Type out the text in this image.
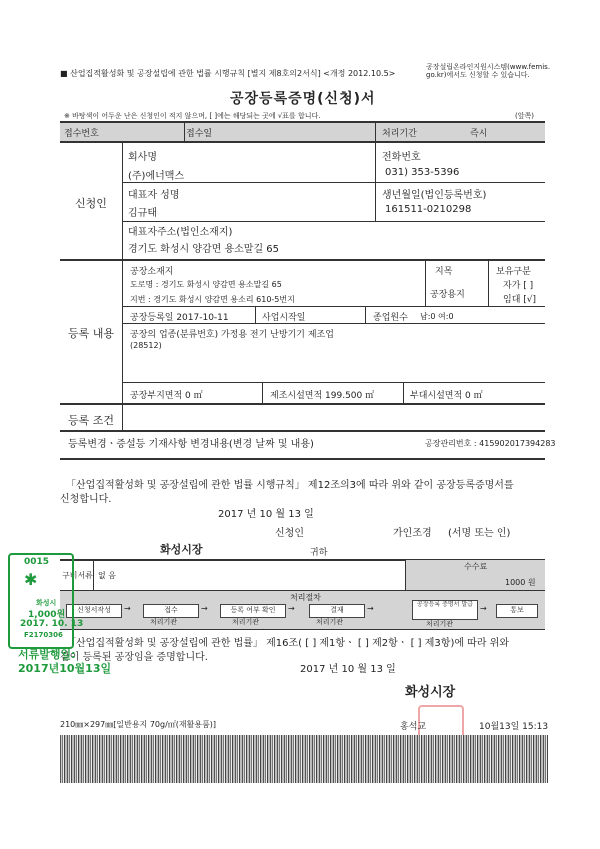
■ 산업집적활성화 및 공장설립에 관한 법률 시행규칙 [별지 제8호의2서식] <개정 2012.10.5>
공장설립온라인지원시스템(www.femis.
go.kr)에서도 신청할 수 있습니다.
공장등록증명(신청)서
※ 바탕색이 어두운 난은 신청인이 적지 않으며, [ ]에는 해당되는 곳에 √표를 합니다.	(앞쪽)
접수번호	접수일	처리기간	즉시
신청인
회사명
(주)에너맥스
전화번호
031) 353-5396
대표자 성명
김규태
생년월일(법인등록번호)
161511-0210298
대표자주소(법인소재지)
경기도 화성시 양감면 용소말길 65
등록 내용
공장소재지
도로명 : 경기도 화성시 양감면 용소말길 65
지번 : 경기도 화성시 양감면 용소리 610-5번지
지목
공장용지
보유구분
자가 [ ]
임대 [√]
공장등록일 2017-10-11	사업시작일	종업원수 남:0 여:0
공장의 업종(분류번호) 가정용 전기 난방기기 제조업
(28512)
공장부지면적 0 ㎡	제조시설면적 199.500 ㎡	부대시설면적 0 ㎡
등록 조건
등록변경ㆍ증설등 기재사항 변경내용(변경 날짜 및 내용)	공장관리번호 : 415902017394283
「산업집적활성화 및 공장설립에 관한 법률 시행규칙」 제12조의3에 따라 위와 같이 공장등록증명서를
신청합니다.
2017 년 10 월 13 일
신청인	가인조경 (서명 또는 인)
화성시장	귀하
구비서류 없 음
수수료
1000 원
처리절차
신청서작성	→	접수
처리기관
→	등록 여부 확인
처리기관
→	결재
처리기관
→	공장등록 증명서 발급
처리기관
→	통보
「산업집적활성화 및 공장설립에 관한 법률」 제16조( [ ] 제1항ㆍ [ ] 제2항ㆍ [ ] 제3항)에 따라 위와
같이 등록된 공장임을 증명합니다.
2017 년 10 월 13 일
화성시장
0015
✱
화성시
1,000원
2017. 10. 13
F2170306
서류발행일:
2017년10월13일
210㎜×297㎜[일반용지 70g/㎡(재활용품)]	홍석교	10월13일 15:13
